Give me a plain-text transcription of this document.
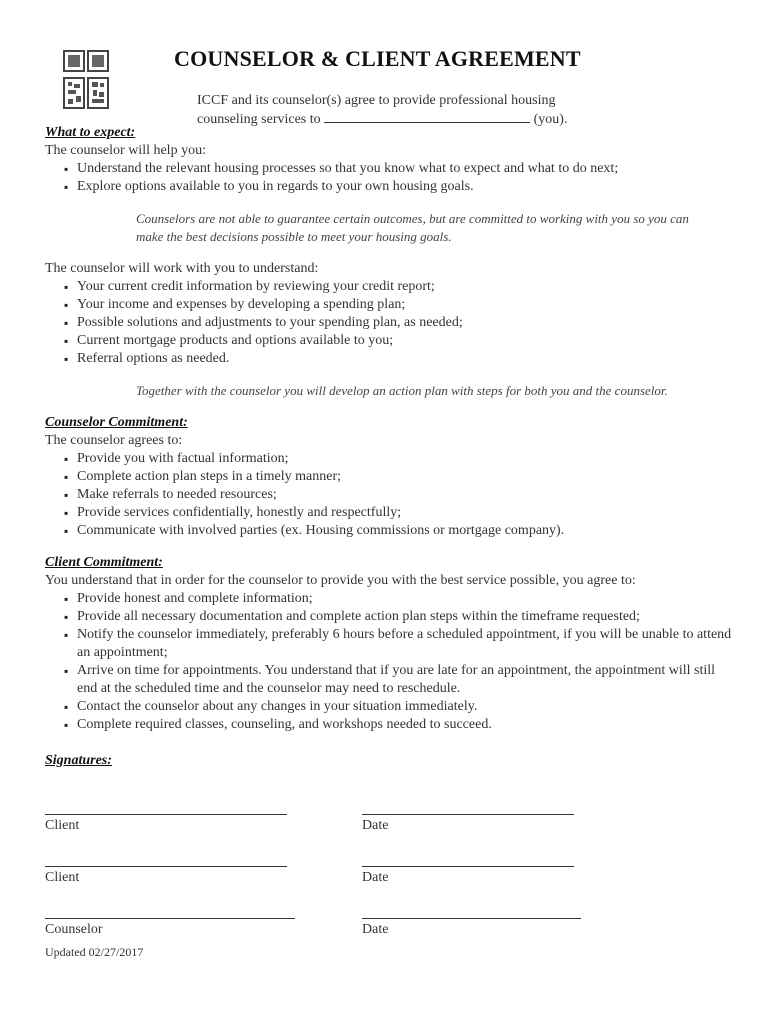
COUNSELOR & CLIENT AGREEMENT
ICCF and its counselor(s) agree to provide professional housing
counseling services to	(you).
What to expect:
The counselor will help you:
▪ Understand the relevant housing processes so that you know what to expect and what to do next;
▪ Explore options available to you in regards to your own housing goals.
Counselors are not able to guarantee certain outcomes, but are committed to working with you so you can make the best decisions possible to meet your housing goals.
The counselor will work with you to understand:
▪ Your current credit information by reviewing your credit report;
▪ Your income and expenses by developing a spending plan;
▪ Possible solutions and adjustments to your spending plan, as needed;
▪ Current mortgage products and options available to you;
▪ Referral options as needed.
Together with the counselor you will develop an action plan with steps for both you and the counselor.
Counselor Commitment:
The counselor agrees to:
▪ Provide you with factual information;
▪ Complete action plan steps in a timely manner;
▪ Make referrals to needed resources;
▪ Provide services confidentially, honestly and respectfully;
▪ Communicate with involved parties (ex. Housing commissions or mortgage company).
Client Commitment:
You understand that in order for the counselor to provide you with the best service possible, you agree to:
▪ Provide honest and complete information;
▪ Provide all necessary documentation and complete action plan steps within the timeframe requested;
▪ Notify the counselor immediately, preferably 6 hours before a scheduled appointment, if you will be unable to attend an appointment;
▪ Arrive on time for appointments. You understand that if you are late for an appointment, the appointment will still end at the scheduled time and the counselor may need to reschedule.
▪ Contact the counselor about any changes in your situation immediately.
▪ Complete required classes, counseling, and workshops needed to succeed.
Signatures:
Client	Date
Client	Date
Counselor	Date
Updated 02/27/2017
